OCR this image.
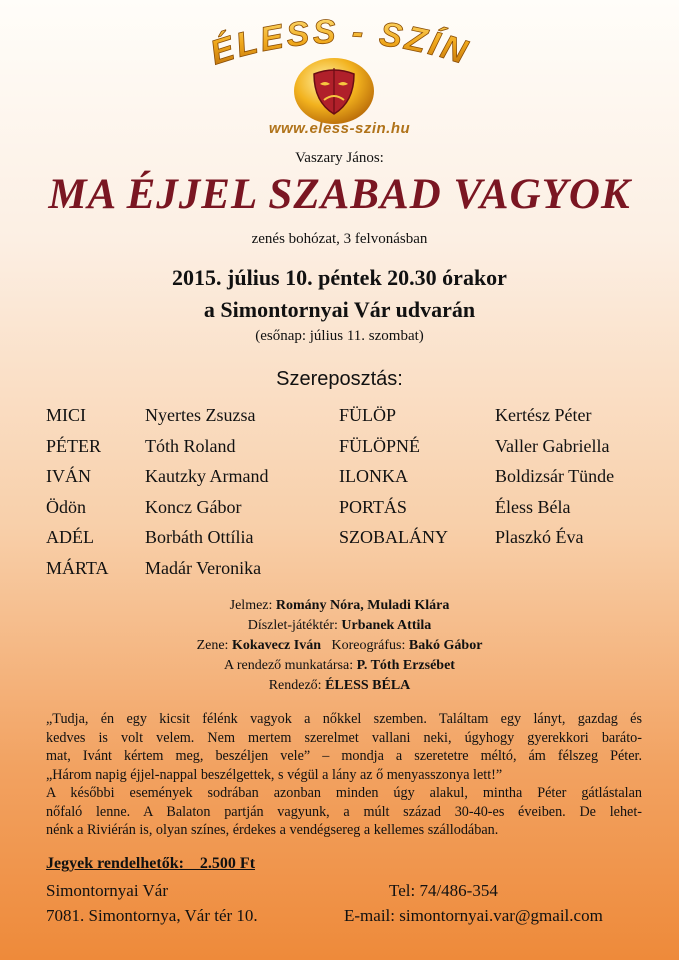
ÉLESS - SZÍN
www.eless-szin.hu
Vaszary János:
MA ÉJJEL SZABAD VAGYOK
zenés bohózat, 3 felvonásban
2015. július 10. péntek 20.30 órakor
a Simontornyai Vár udvarán
(esőnap: július 11. szombat)
Szereposztás:
MICI
PÉTER
IVÁN
Ödön
ADÉL
MÁRTA
Nyertes Zsuzsa
Tóth Roland
Kautzky Armand
Koncz Gábor
Borbáth Ottília
Madár Veronika
FÜLÖP
FÜLÖPNÉ
ILONKA
PORTÁS
SZOBALÁNY
Kertész Péter
Valler Gabriella
Boldizsár Tünde
Éless Béla
Plaszkó Éva
Jelmez: Romány Nóra, Muladi Klára
Díszlet-játéktér: Urbanek Attila
Zene: Kokavecz Iván Koreográfus: Bakó Gábor
A rendező munkatársa: P. Tóth Erzsébet
Rendező: ÉLESS BÉLA
„Tudja, én egy kicsit félénk vagyok a nőkkel szemben. Találtam egy lányt, gazdag és
kedves is volt velem. Nem mertem szerelmet vallani neki, úgyhogy gyerekkori baráto-
mat, Ivánt kértem meg, beszéljen vele” – mondja a szeretetre méltó, ám félszeg Péter.
„Három napig éjjel-nappal beszélgettek, s végül a lány az ő menyasszonya lett!”
A későbbi események sodrában azonban minden úgy alakul, mintha Péter gátlástalan
nőfaló lenne. A Balaton partján vagyunk, a múlt század 30-40-es éveiben. De lehet-
nénk a Riviérán is, olyan színes, érdekes a vendégsereg a kellemes szállodában.
Jegyek rendelhetők:    2.500 Ft
Simontornyai Vár
7081. Simontornya, Vár tér 10.
Tel: 74/486-354
E-mail: simontornyai.var@gmail.com
